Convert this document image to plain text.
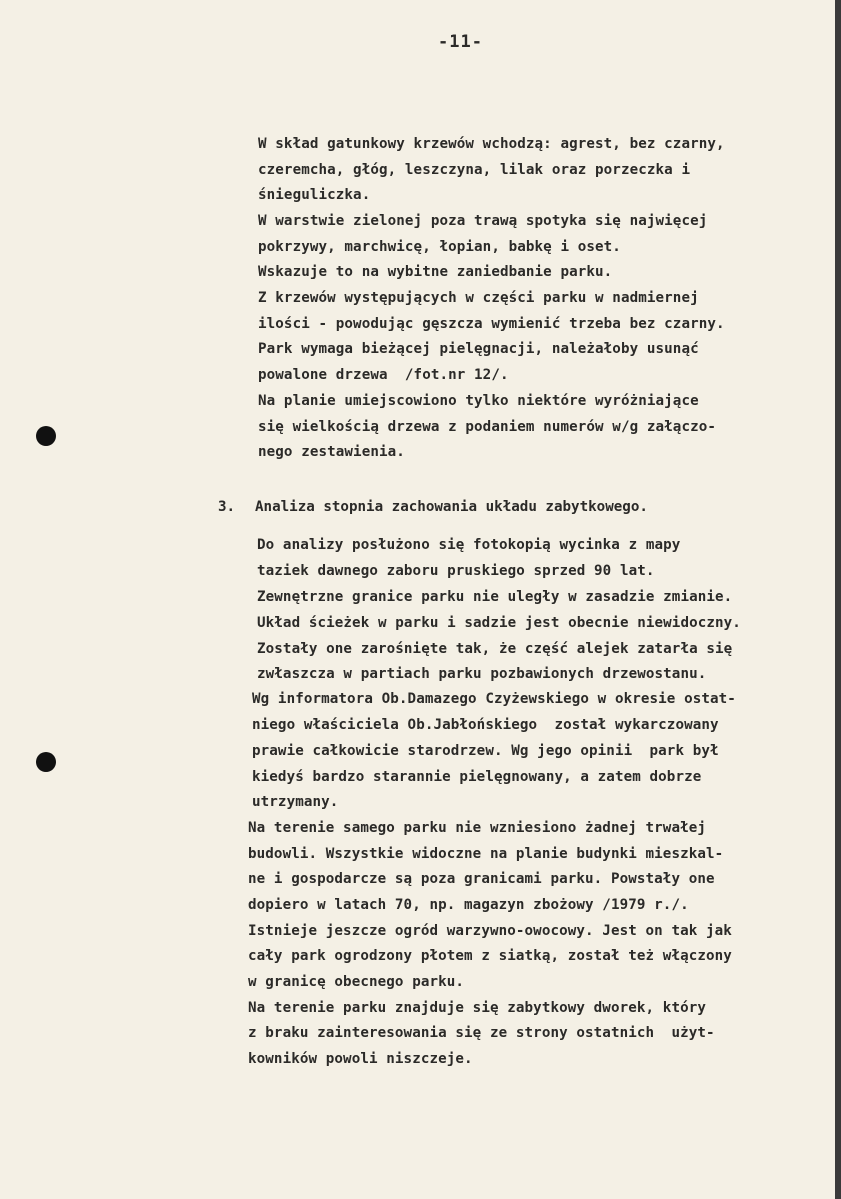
-11-
W skład gatunkowy krzewów wchodzą: agrest, bez czarny,
czeremcha, głóg, leszczyna, lilak oraz porzeczka i
śnieguliczka.
W warstwie zielonej poza trawą spotyka się najwięcej
pokrzywy, marchwicę, łopian, babkę i oset.
Wskazuje to na wybitne zaniedbanie parku.
Z krzewów występujących w części parku w nadmiernej
ilości - powodując gęszcza wymienić trzeba bez czarny.
Park wymaga bieżącej pielęgnacji, należałoby usunąć
powalone drzewa  /fot.nr 12/.
Na planie umiejscowiono tylko niektóre wyróżniające
się wielkością drzewa z podaniem numerów w/g załączo-
nego zestawienia.
3. Analiza stopnia zachowania układu zabytkowego.
Do analizy posłużono się fotokopią wycinka z mapy
taziek dawnego zaboru pruskiego sprzed 90 lat.
Zewnętrzne granice parku nie uległy w zasadzie zmianie.
Układ ścieżek w parku i sadzie jest obecnie niewidoczny.
Zostały one zarośnięte tak, że część alejek zatarła się
zwłaszcza w partiach parku pozbawionych drzewostanu.
Wg informatora Ob.Damazego Czyżewskiego w okresie ostat-
niego właściciela Ob.Jabłońskiego  został wykarczowany
prawie całkowicie starodrzew. Wg jego opinii  park był
kiedyś bardzo starannie pielęgnowany, a zatem dobrze
utrzymany.
Na terenie samego parku nie wzniesiono żadnej trwałej
budowli. Wszystkie widoczne na planie budynki mieszkal-
ne i gospodarcze są poza granicami parku. Powstały one
dopiero w latach 70, np. magazyn zbożowy /1979 r./.
Istnieje jeszcze ogród warzywno-owocowy. Jest on tak jak
cały park ogrodzony płotem z siatką, został też włączony
w granicę obecnego parku.
Na terenie parku znajduje się zabytkowy dworek, który
z braku zainteresowania się ze strony ostatnich  użyt-
kowników powoli niszczeje.
